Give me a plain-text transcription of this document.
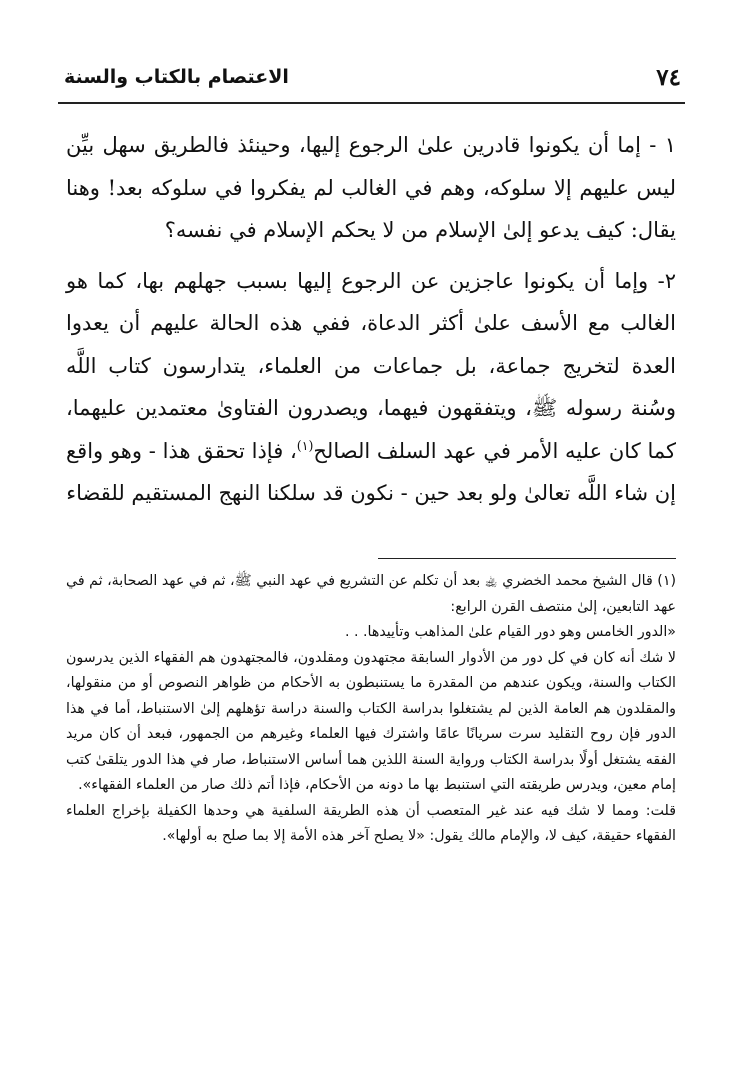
٧٤
الاعتصام بالكتاب والسنة

١ - إما أن يكونوا قادرين علىٰ الرجوع إليها، وحينئذ فالطريق سهل بيِّن ليس عليهم إلا سلوكه، وهم في الغالب لم يفكروا في سلوكه بعد! وهنا يقال: كيف يدعو إلىٰ الإسلام من لا يحكم الإسلام في نفسه؟

٢- وإما أن يكونوا عاجزين عن الرجوع إليها بسبب جهلهم بها، كما هو الغالب مع الأسف علىٰ أكثر الدعاة، ففي هذه الحالة عليهم أن يعدوا العدة لتخريج جماعة، بل جماعات من العلماء، يتدارسون كتاب اللَّه وسُنة رسوله ﷺ، ويتفقهون فيهما، ويصدرون الفتاوىٰ معتمدين عليهما، كما كان عليه الأمر في عهد السلف الصالح$^{(١)}$، فإذا تحقق هذا - وهو واقع إن شاء اللَّه تعالىٰ ولو بعد حين - نكون قد سلكنا النهج المستقيم للقضاء

(١) قال الشيخ محمد الخضري ﵀ بعد أن تكلم عن التشريع في عهد النبي ﷺ، ثم في عهد الصحابة، ثم في عهد التابعين، إلىٰ منتصف القرن الرابع:

«الدور الخامس وهو دور القيام علىٰ المذاهب وتأييدها. . .

لا شك أنه كان في كل دور من الأدوار السابقة مجتهدون ومقلدون، فالمجتهدون هم الفقهاء الذين يدرسون الكتاب والسنة، ويكون عندهم من المقدرة ما يستنبطون به الأحكام من ظواهر النصوص أو من منقولها، والمقلدون هم العامة الذين لم يشتغلوا بدراسة الكتاب والسنة دراسة تؤهلهم إلىٰ الاستنباط، أما في هذا الدور فإن روح التقليد سرت سريانًا عامًا واشترك فيها العلماء وغيرهم من الجمهور، فبعد أن كان مريد الفقه يشتغل أولًا بدراسة الكتاب ورواية السنة اللذين هما أساس الاستنباط، صار في هذا الدور يتلقىٰ كتب إمام معين، ويدرس طريقته التي استنبط بها ما دونه من الأحكام، فإذا أتم ذلك صار من العلماء الفقهاء».

قلت: ومما لا شك فيه عند غير المتعصب أن هذه الطريقة السلفية هي وحدها الكفيلة بإخراج العلماء الفقهاء حقيقة، كيف لا، والإمام مالك يقول: «لا يصلح آخر هذه الأمة إلا بما صلح به أولها».
